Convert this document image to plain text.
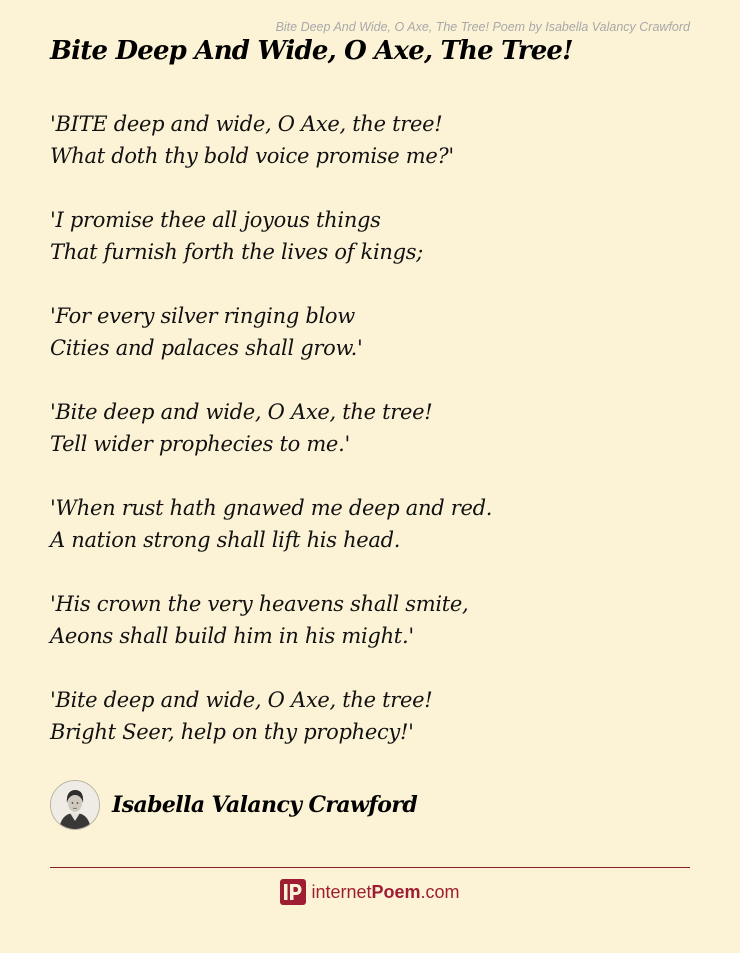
Bite Deep And Wide, O Axe, The Tree! Poem by Isabella Valancy Crawford
Bite Deep And Wide, O Axe, The Tree!
'BITE deep and wide, O Axe, the tree!
What doth thy bold voice promise me?'
'I promise thee all joyous things
That furnish forth the lives of kings;
'For every silver ringing blow
Cities and palaces shall grow.'
'Bite deep and wide, O Axe, the tree!
Tell wider prophecies to me.'
'When rust hath gnawed me deep and red.
A nation strong shall lift his head.
'His crown the very heavens shall smite,
Aeons shall build him in his might.'
'Bite deep and wide, O Axe, the tree!
Bright Seer, help on thy prophecy!'
Isabella Valancy Crawford
internetPoem.com
